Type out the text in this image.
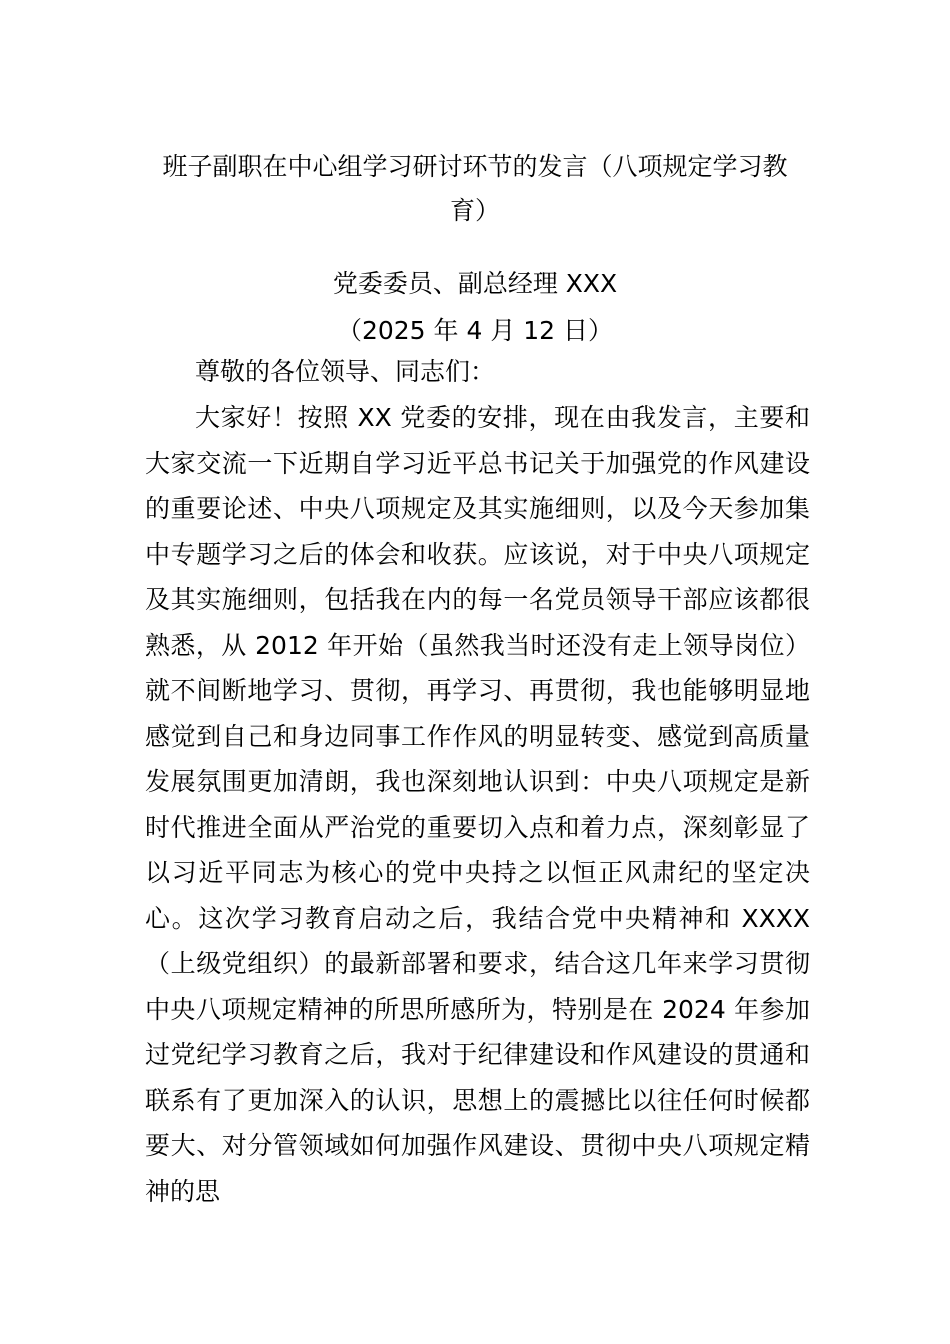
班子副职在中心组学习研讨环节的发言（八项规定学习教育）

党委委员、副总经理 XXX

（2025 年 4 月 12 日）

尊敬的各位领导、同志们：

大家好！按照 XX 党委的安排，现在由我发言，主要和大家交流一下近期自学习近平总书记关于加强党的作风建设的重要论述、中央八项规定及其实施细则，以及今天参加集中专题学习之后的体会和收获。应该说，对于中央八项规定及其实施细则，包括我在内的每一名党员领导干部应该都很熟悉，从 2012 年开始（虽然我当时还没有走上领导岗位）就不间断地学习、贯彻，再学习、再贯彻，我也能够明显地感觉到自己和身边同事工作作风的明显转变、感觉到高质量发展氛围更加清朗，我也深刻地认识到：中央八项规定是新时代推进全面从严治党的重要切入点和着力点，深刻彰显了以习近平同志为核心的党中央持之以恒正风肃纪的坚定决心。这次学习教育启动之后，我结合党中央精神和 XXXX（上级党组织）的最新部署和要求，结合这几年来学习贯彻中央八项规定精神的所思所感所为，特别是在 2024 年参加过党纪学习教育之后，我对于纪律建设和作风建设的贯通和联系有了更加深入的认识，思想上的震撼比以往任何时候都要大、对分管领域如何加强作风建设、贯彻中央八项规定精神的思
